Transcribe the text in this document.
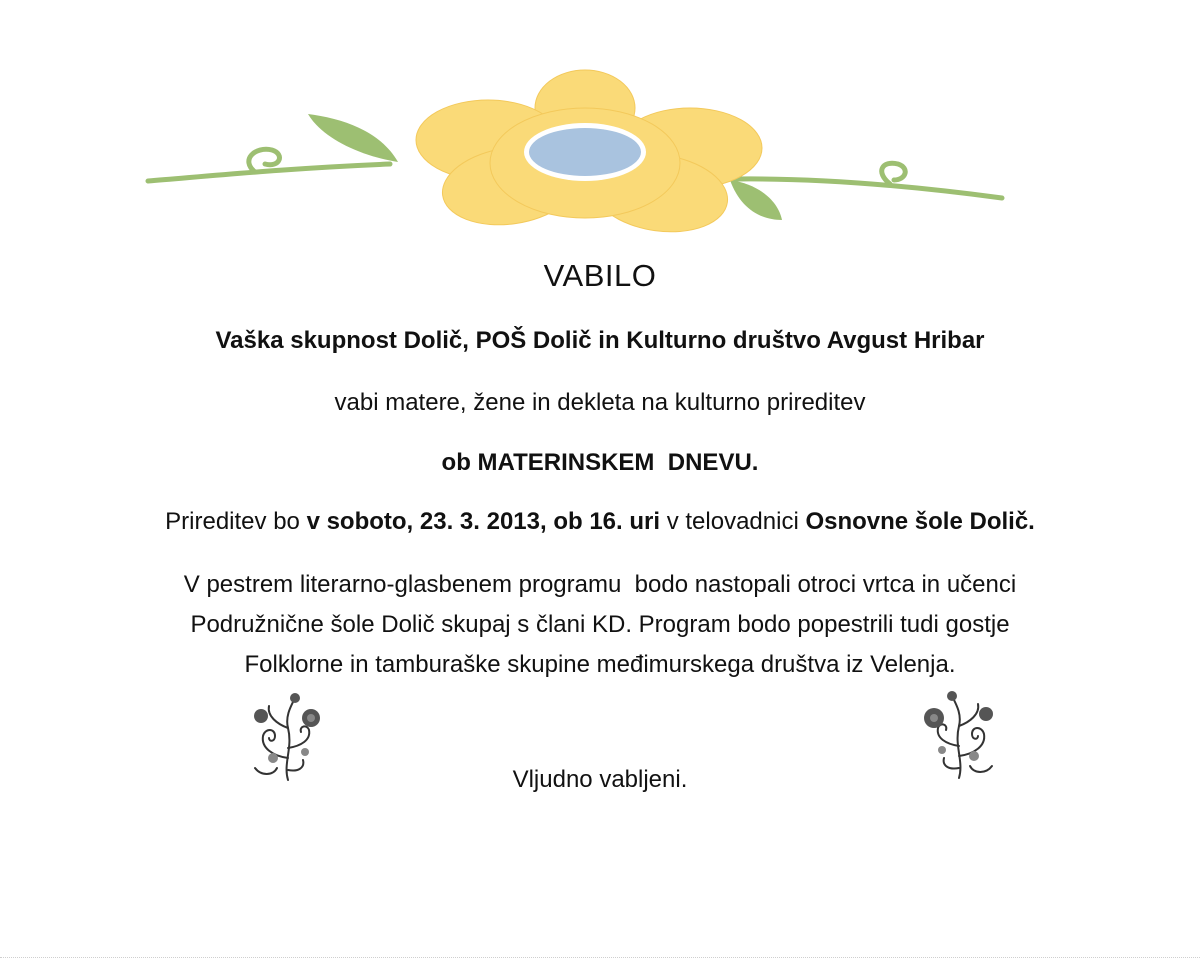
VABILO
Vaška skupnost Dolič, POŠ Dolič in Kulturno društvo Avgust Hribar
vabi matere, žene in dekleta na kulturno prireditev
ob MATERINSKEM DNEVU.
Prireditev bo v soboto, 23. 3. 2013, ob 16. uri v telovadnici Osnovne šole Dolič.
V pestrem literarno-glasbenem programu  bodo nastopali otroci vrtca in učenci
Podružnične šole Dolič skupaj s člani KD. Program bodo popestrili tudi gostje
Folklorne in tamburaške skupine međimurskega društva iz Velenja.
Vljudno vabljeni.
